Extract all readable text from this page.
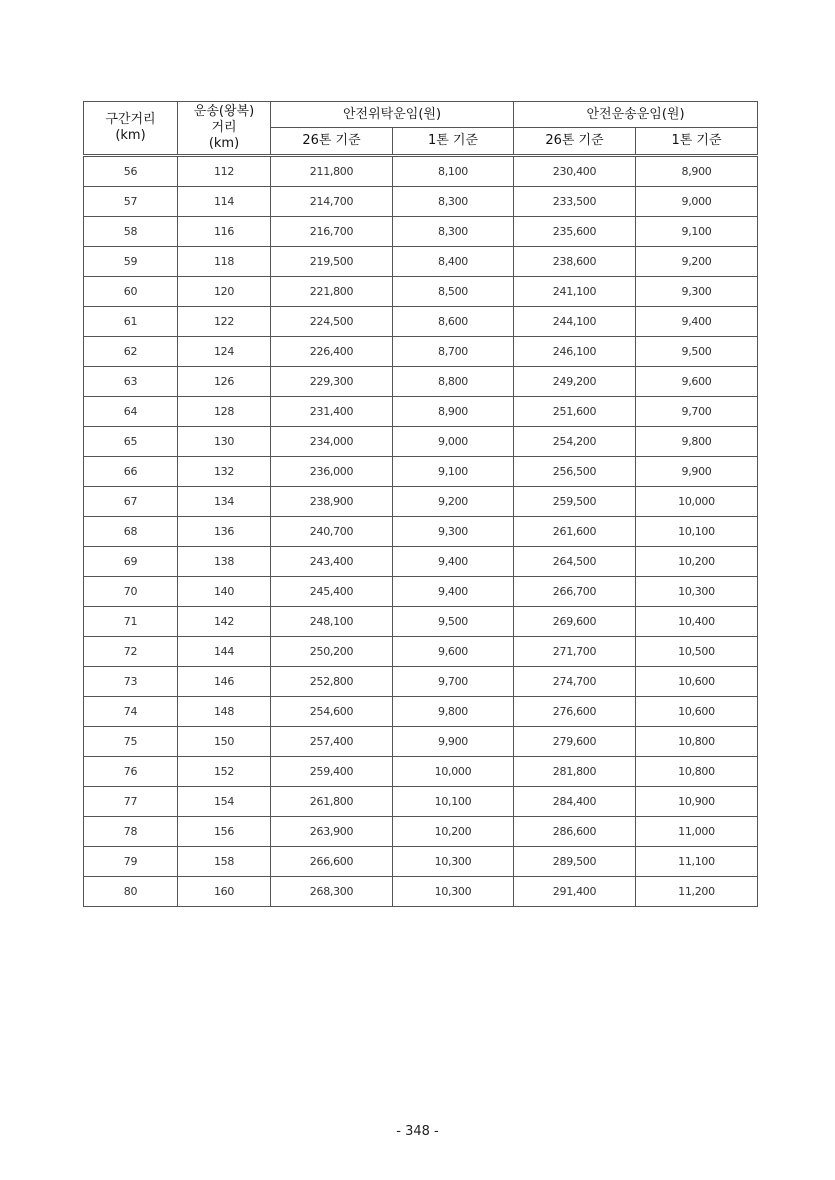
구간거리
(km)	운송(왕복)
거리
(km)	안전위탁운임(원)		안전운송운임(원)	
		26톤 기준	1톤 기준	26톤 기준	1톤 기준
56	112	211,800	8,100	230,400	8,900
57	114	214,700	8,300	233,500	9,000
58	116	216,700	8,300	235,600	9,100
59	118	219,500	8,400	238,600	9,200
60	120	221,800	8,500	241,100	9,300
61	122	224,500	8,600	244,100	9,400
62	124	226,400	8,700	246,100	9,500
63	126	229,300	8,800	249,200	9,600
64	128	231,400	8,900	251,600	9,700
65	130	234,000	9,000	254,200	9,800
66	132	236,000	9,100	256,500	9,900
67	134	238,900	9,200	259,500	10,000
68	136	240,700	9,300	261,600	10,100
69	138	243,400	9,400	264,500	10,200
70	140	245,400	9,400	266,700	10,300
71	142	248,100	9,500	269,600	10,400
72	144	250,200	9,600	271,700	10,500
73	146	252,800	9,700	274,700	10,600
74	148	254,600	9,800	276,600	10,600
75	150	257,400	9,900	279,600	10,800
76	152	259,400	10,000	281,800	10,800
77	154	261,800	10,100	284,400	10,900
78	156	263,900	10,200	286,600	11,000
79	158	266,600	10,300	289,500	11,100
80	160	268,300	10,300	291,400	11,200
- 348 -
